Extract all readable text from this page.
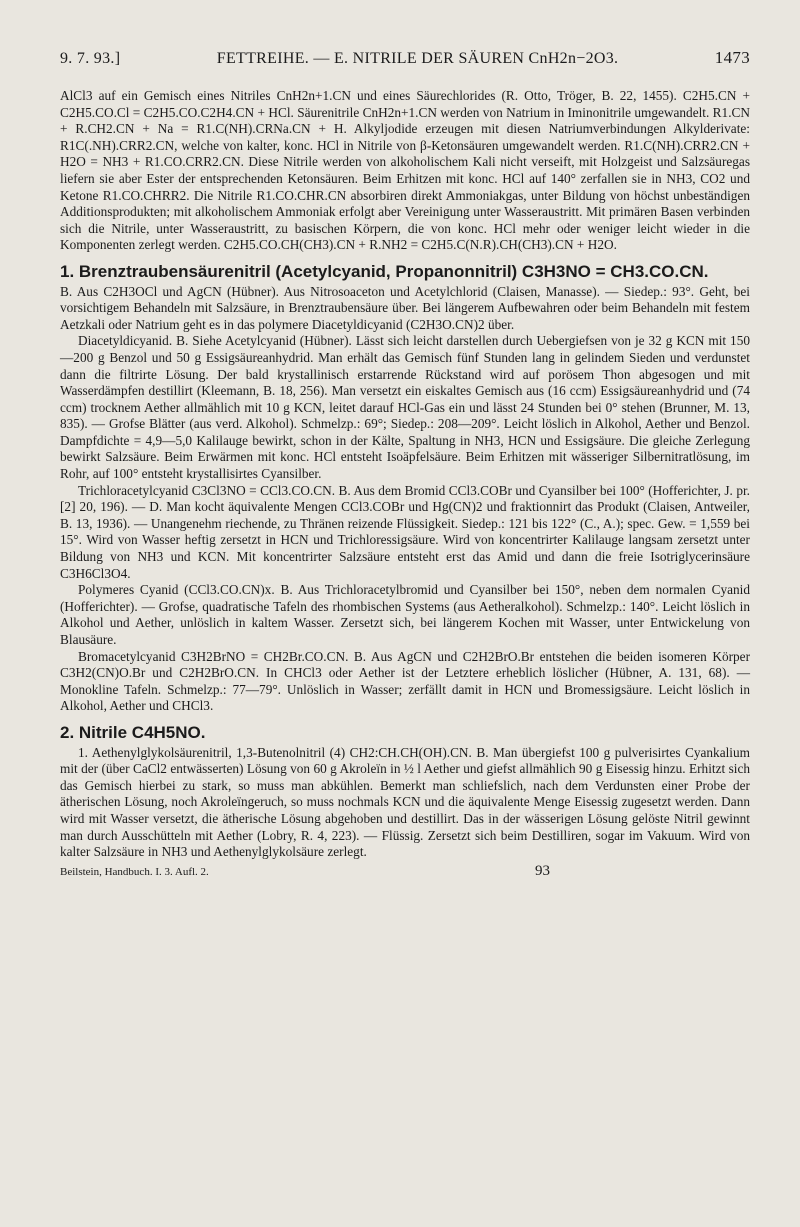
9. 7. 93.]	FETTREIHE. — E. NITRILE DER SÄUREN CnH2n−2O3.	1473

AlCl3 auf ein Gemisch eines Nitriles CnH2n+1.CN und eines Säurechlorides (R. Otto, Tröger, B. 22, 1455). C2H5.CN + C2H5.CO.Cl = C2H5.CO.C2H4.CN + HCl. Säurenitrile CnH2n+1.CN werden von Natrium in Iminonitrile umgewandelt. R1.CN + R.CH2.CN + Na = R1.C(NH).CRNa.CN + H. Alkyljodide erzeugen mit diesen Natriumverbindungen Alkylderivate: R1C(.NH).CRR2.CN, welche von kalter, konc. HCl in Nitrile von β-Ketonsäuren umgewandelt werden. R1.C(NH).CRR2.CN + H2O = NH3 + R1.CO.CRR2.CN. Diese Nitrile werden von alkoholischem Kali nicht verseift, mit Holzgeist und Salzsäuregas liefern sie aber Ester der entsprechenden Ketonsäuren. Beim Erhitzen mit konc. HCl auf 140° zerfallen sie in NH3, CO2 und Ketone R1.CO.CHRR2. Die Nitrile R1.CO.CHR.CN absorbiren direkt Ammoniakgas, unter Bildung von höchst unbeständigen Additionsprodukten; mit alkoholischem Ammoniak erfolgt aber Vereinigung unter Wasseraustritt. Mit primären Basen verbinden sich die Nitrile, unter Wasseraustritt, zu basischen Körpern, die von konc. HCl mehr oder weniger leicht wieder in die Komponenten zerlegt werden. C2H5.CO.CH(CH3).CN + R.NH2 = C2H5.C(N.R).CH(CH3).CN + H2O.

1. Brenztraubensäurenitril (Acetylcyanid, Propanonnitril) C3H3NO = CH3.CO.CN.

B. Aus C2H3OCl und AgCN (Hübner). Aus Nitrosoaceton und Acetylchlorid (Claisen, Manasse). — Siedep.: 93°. Geht, bei vorsichtigem Behandeln mit Salzsäure, in Brenztraubensäure über. Bei längerem Aufbewahren oder beim Behandeln mit festem Aetzkali oder Natrium geht es in das polymere Diacetyldicyanid (C2H3O.CN)2 über.

Diacetyldicyanid. B. Siehe Acetylcyanid (Hübner). Lässt sich leicht darstellen durch Uebergiefsen von je 32 g KCN mit 150—200 g Benzol und 50 g Essigsäureanhydrid. Man erhält das Gemisch fünf Stunden lang in gelindem Sieden und verdunstet dann die filtrirte Lösung. Der bald krystallinisch erstarrende Rückstand wird auf porösem Thon abgesogen und mit Wasserdämpfen destillirt (Kleemann, B. 18, 256). Man versetzt ein eiskaltes Gemisch aus (16 ccm) Essigsäureanhydrid und (74 ccm) trocknem Aether allmählich mit 10 g KCN, leitet darauf HCl-Gas ein und lässt 24 Stunden bei 0° stehen (Brunner, M. 13, 835). — Grofse Blätter (aus verd. Alkohol). Schmelzp.: 69°; Siedep.: 208—209°. Leicht löslich in Alkohol, Aether und Benzol. Dampfdichte = 4,9—5,0 Kalilauge bewirkt, schon in der Kälte, Spaltung in NH3, HCN und Essigsäure. Die gleiche Zerlegung bewirkt Salzsäure. Beim Erwärmen mit konc. HCl entsteht Isoäpfelsäure. Beim Erhitzen mit wässeriger Silbernitratlösung, im Rohr, auf 100° entsteht krystallisirtes Cyansilber.

Trichloracetylcyanid C3Cl3NO = CCl3.CO.CN. B. Aus dem Bromid CCl3.COBr und Cyansilber bei 100° (Hofferichter, J. pr. [2] 20, 196). — D. Man kocht äquivalente Mengen CCl3.COBr und Hg(CN)2 und fraktionnirt das Produkt (Claisen, Antweiler, B. 13, 1936). — Unangenehm riechende, zu Thränen reizende Flüssigkeit. Siedep.: 121 bis 122° (C., A.); spec. Gew. = 1,559 bei 15°. Wird von Wasser heftig zersetzt in HCN und Trichloressigsäure. Wird von koncentrirter Kalilauge langsam zersetzt unter Bildung von NH3 und KCN. Mit koncentrirter Salzsäure entsteht erst das Amid und dann die freie Isotriglycerinsäure C3H6Cl3O4.

Polymeres Cyanid (CCl3.CO.CN)x. B. Aus Trichloracetylbromid und Cyansilber bei 150°, neben dem normalen Cyanid (Hofferichter). — Grofse, quadratische Tafeln des rhombischen Systems (aus Aetheralkohol). Schmelzp.: 140°. Leicht löslich in Alkohol und Aether, unlöslich in kaltem Wasser. Zersetzt sich, bei längerem Kochen mit Wasser, unter Entwickelung von Blausäure.

Bromacetylcyanid C3H2BrNO = CH2Br.CO.CN. B. Aus AgCN und C2H2BrO.Br entstehen die beiden isomeren Körper C3H2(CN)O.Br und C2H2BrO.CN. In CHCl3 oder Aether ist der Letztere erheblich löslicher (Hübner, A. 131, 68). — Monokline Tafeln. Schmelzp.: 77—79°. Unlöslich in Wasser; zerfällt damit in HCN und Bromessigsäure. Leicht löslich in Alkohol, Aether und CHCl3.

2. Nitrile C4H5NO.

1. Aethenylglykolsäurenitril, 1,3-Butenolnitril (4) CH2:CH.CH(OH).CN. B. Man übergiefst 100 g pulverisirtes Cyankalium mit der (über CaCl2 entwässerten) Lösung von 60 g Akroleïn in ½ l Aether und giefst allmählich 90 g Eisessig hinzu. Erhitzt sich das Gemisch hierbei zu stark, so muss man abkühlen. Bemerkt man schliefslich, nach dem Verdunsten einer Probe der ätherischen Lösung, noch Akroleïngeruch, so muss nochmals KCN und die äquivalente Menge Eisessig zugesetzt werden. Dann wird mit Wasser versetzt, die ätherische Lösung abgehoben und destillirt. Das in der wässerigen Lösung gelöste Nitril gewinnt man durch Ausschütteln mit Aether (Lobry, R. 4, 223). — Flüssig. Zersetzt sich beim Destilliren, sogar im Vakuum. Wird von kalter Salzsäure in NH3 und Aethenylglykolsäure zerlegt.

Beilstein, Handbuch. I. 3. Aufl. 2.	93
